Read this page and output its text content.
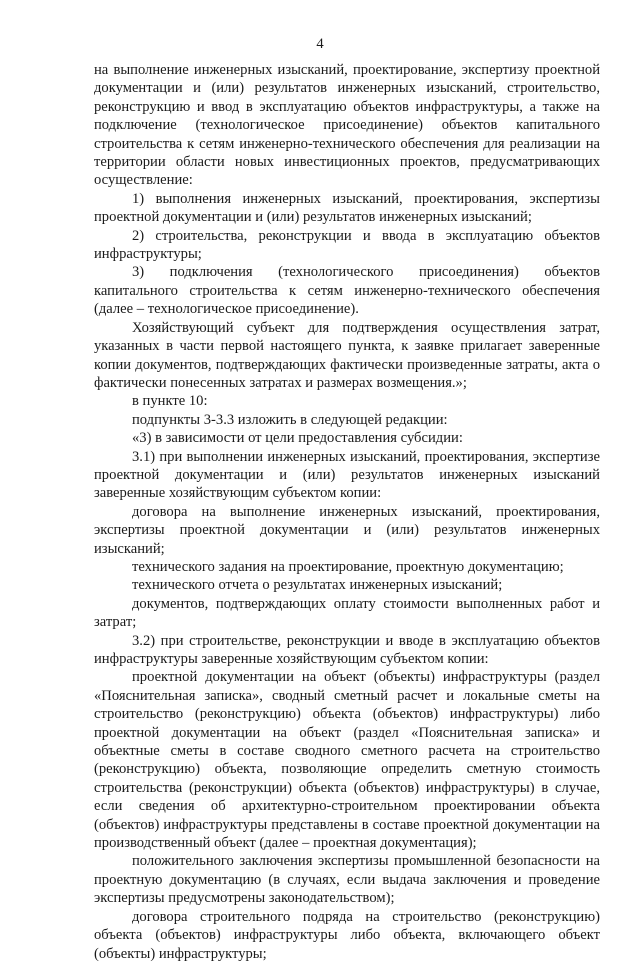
4

на выполнение инженерных изысканий, проектирование, экспертизу проектной документации и (или) результатов инженерных изысканий, строительство, реконструкцию и ввод в эксплуатацию объектов инфраструктуры, а также на подключение (технологическое присоединение) объектов капитального строительства к сетям инженерно-технического обеспечения для реализации на территории области новых инвестиционных проектов, предусматривающих осуществление:

1) выполнения инженерных изысканий, проектирования, экспертизы проектной документации и (или) результатов инженерных изысканий;

2) строительства, реконструкции и ввода в эксплуатацию объектов инфраструктуры;

3) подключения (технологического присоединения) объектов капитального строительства к сетям инженерно-технического обеспечения (далее – технологическое присоединение).

Хозяйствующий субъект для подтверждения осуществления затрат, указанных в части первой настоящего пункта, к заявке прилагает заверенные копии документов, подтверждающих фактически произведенные затраты, акта о фактически понесенных затратах и размерах возмещения.»;

в пункте 10:

подпункты 3-3.3 изложить в следующей редакции:

«3) в зависимости от цели предоставления субсидии:

3.1) при выполнении инженерных изысканий, проектирования, экспертизе проектной документации и (или) результатов инженерных изысканий заверенные хозяйствующим субъектом копии:

договора на выполнение инженерных изысканий, проектирования, экспертизы проектной документации и (или) результатов инженерных изысканий;

технического задания на проектирование, проектную документацию;

технического отчета о результатах инженерных изысканий;

документов, подтверждающих оплату стоимости выполненных работ и затрат;

3.2) при строительстве, реконструкции и вводе в эксплуатацию объектов инфраструктуры заверенные хозяйствующим субъектом копии:

проектной документации на объект (объекты) инфраструктуры (раздел «Пояснительная записка», сводный сметный расчет и локальные сметы на строительство (реконструкцию) объекта (объектов) инфраструктуры) либо проектной документации на объект (раздел «Пояснительная записка» и объектные сметы в составе сводного сметного расчета на строительство (реконструкцию) объекта, позволяющие определить сметную стоимость строительства (реконструкции) объекта (объектов) инфраструктуры) в случае, если сведения об архитектурно-строительном проектировании объекта (объектов) инфраструктуры представлены в составе проектной документации на производственный объект (далее – проектная документация);

положительного заключения экспертизы промышленной безопасности на проектную документацию (в случаях, если выдача заключения и проведение экспертизы предусмотрены законодательством);

договора строительного подряда на строительство (реконструкцию) объекта (объектов) инфраструктуры либо объекта, включающего объект (объекты) инфраструктуры;
